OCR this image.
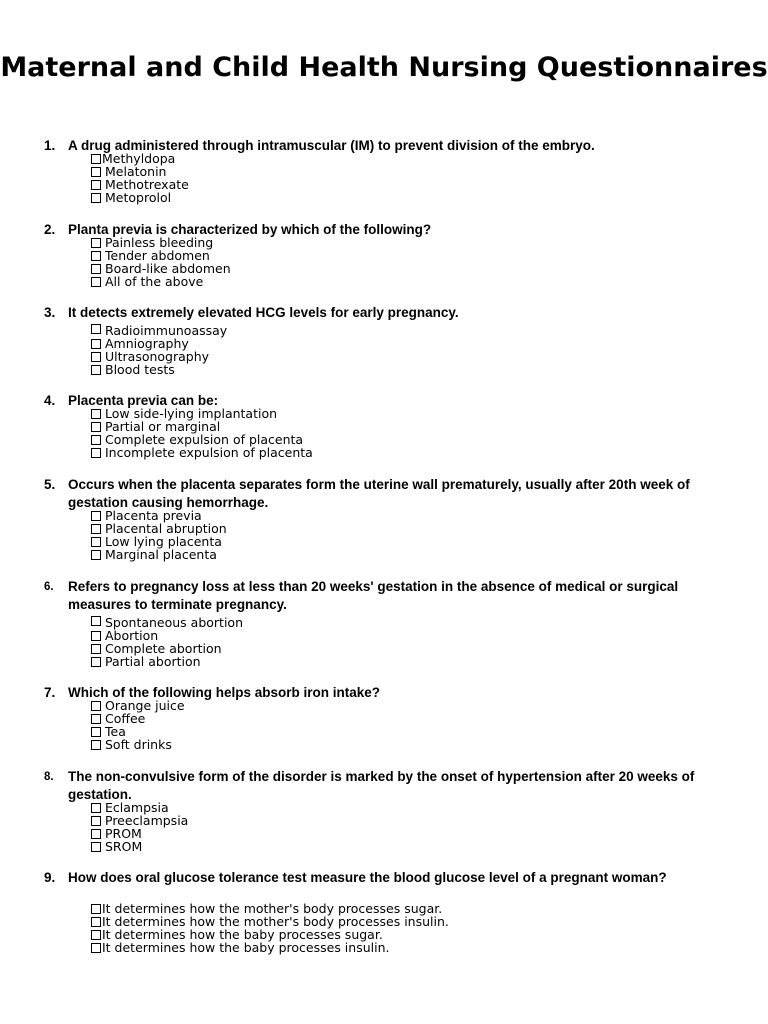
Maternal and Child Health Nursing Questionnaires
1. A drug administered through intramuscular (IM) to prevent division of the embryo.
Methyldopa
Melatonin
Methotrexate
Metoprolol
2. Planta previa is characterized by which of the following?
Painless bleeding
Tender abdomen
Board-like abdomen
All of the above
3. It detects extremely elevated HCG levels for early pregnancy.
Radioimmunoassay
Amniography
Ultrasonography
Blood tests
4. Placenta previa can be:
Low side-lying implantation
Partial or marginal
Complete expulsion of placenta
Incomplete expulsion of placenta
5. Occurs when the placenta separates form the uterine wall prematurely, usually after 20th week of gestation causing hemorrhage.
Placenta previa
Placental abruption
Low lying placenta
Marginal placenta
6.	Refers to pregnancy loss at less than 20 weeks' gestation in the absence of medical or surgical measures to terminate pregnancy.
Spontaneous abortion
Abortion
Complete abortion
Partial abortion
7. Which of the following helps absorb iron intake?
Orange juice
Coffee
Tea
Soft drinks
8.	The non-convulsive form of the disorder is marked by the onset of hypertension after 20 weeks of gestation.
Eclampsia
Preeclampsia
PROM
SROM
9. How does oral glucose tolerance test measure the blood glucose level of a pregnant woman?
It determines how the mother's body processes sugar.
It determines how the mother's body processes insulin.
It determines how the baby processes sugar.
It determines how the baby processes insulin.
